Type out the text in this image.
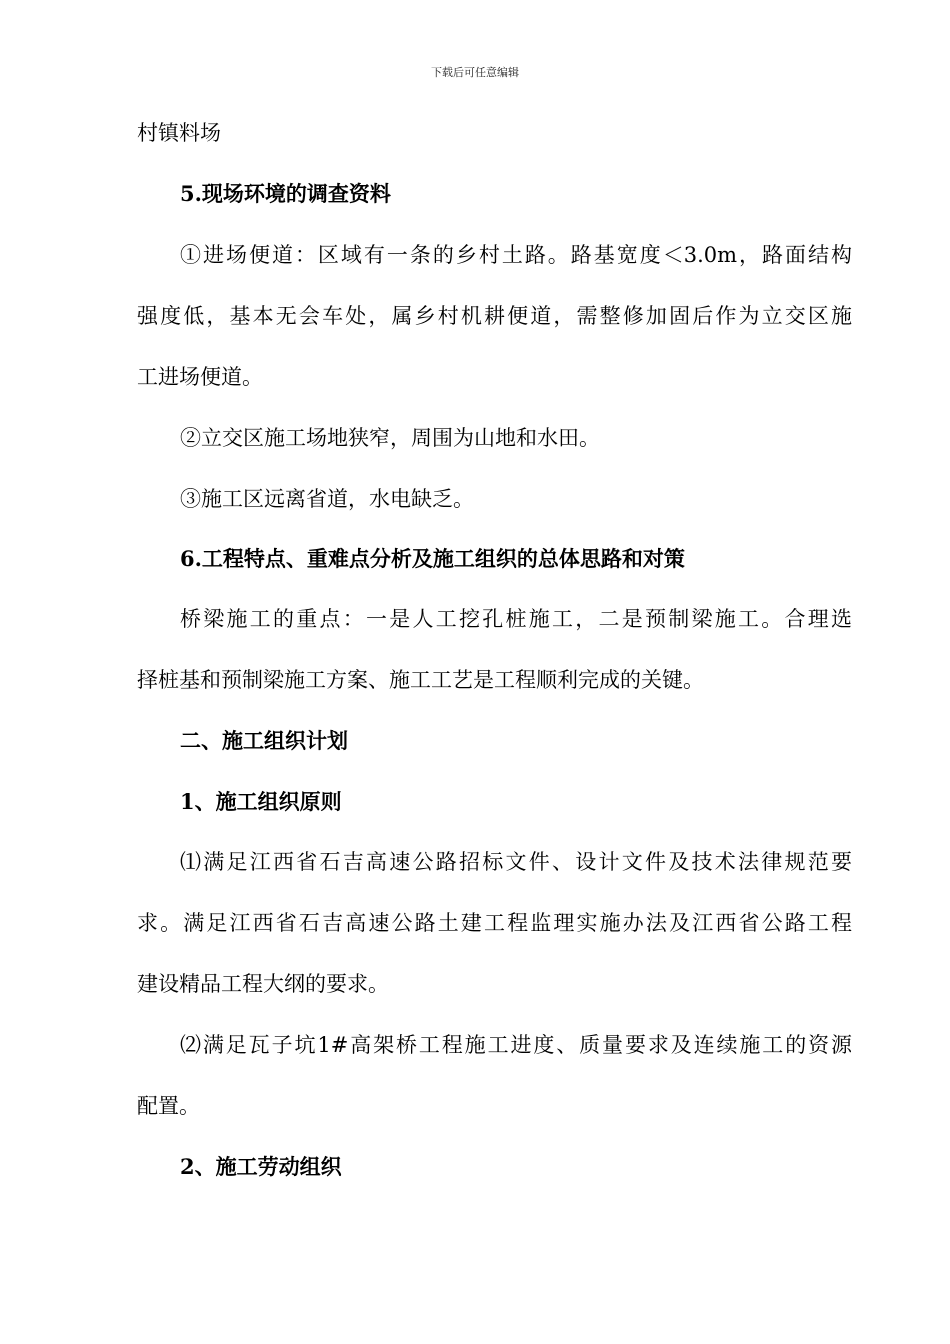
下载后可任意编辑
村镇料场
5.现场环境的调查资料
①进场便道：区域有一条的乡村土路。路基宽度＜3.0m，路面结构
强度低，基本无会车处，属乡村机耕便道，需整修加固后作为立交区施
工进场便道。
②立交区施工场地狭窄，周围为山地和水田。
③施工区远离省道，水电缺乏。
6.工程特点、重难点分析及施工组织的总体思路和对策
桥梁施工的重点：一是人工挖孔桩施工，二是预制梁施工。合理选
择桩基和预制梁施工方案、施工工艺是工程顺利完成的关键。
二、施工组织计划
1、施工组织原则
⑴满足江西省石吉高速公路招标文件、设计文件及技术法律规范要
求。满足江西省石吉高速公路土建工程监理实施办法及江西省公路工程
建设精品工程大纲的要求。
⑵满足瓦子坑1#高架桥工程施工进度、质量要求及连续施工的资源
配置。
2、施工劳动组织
